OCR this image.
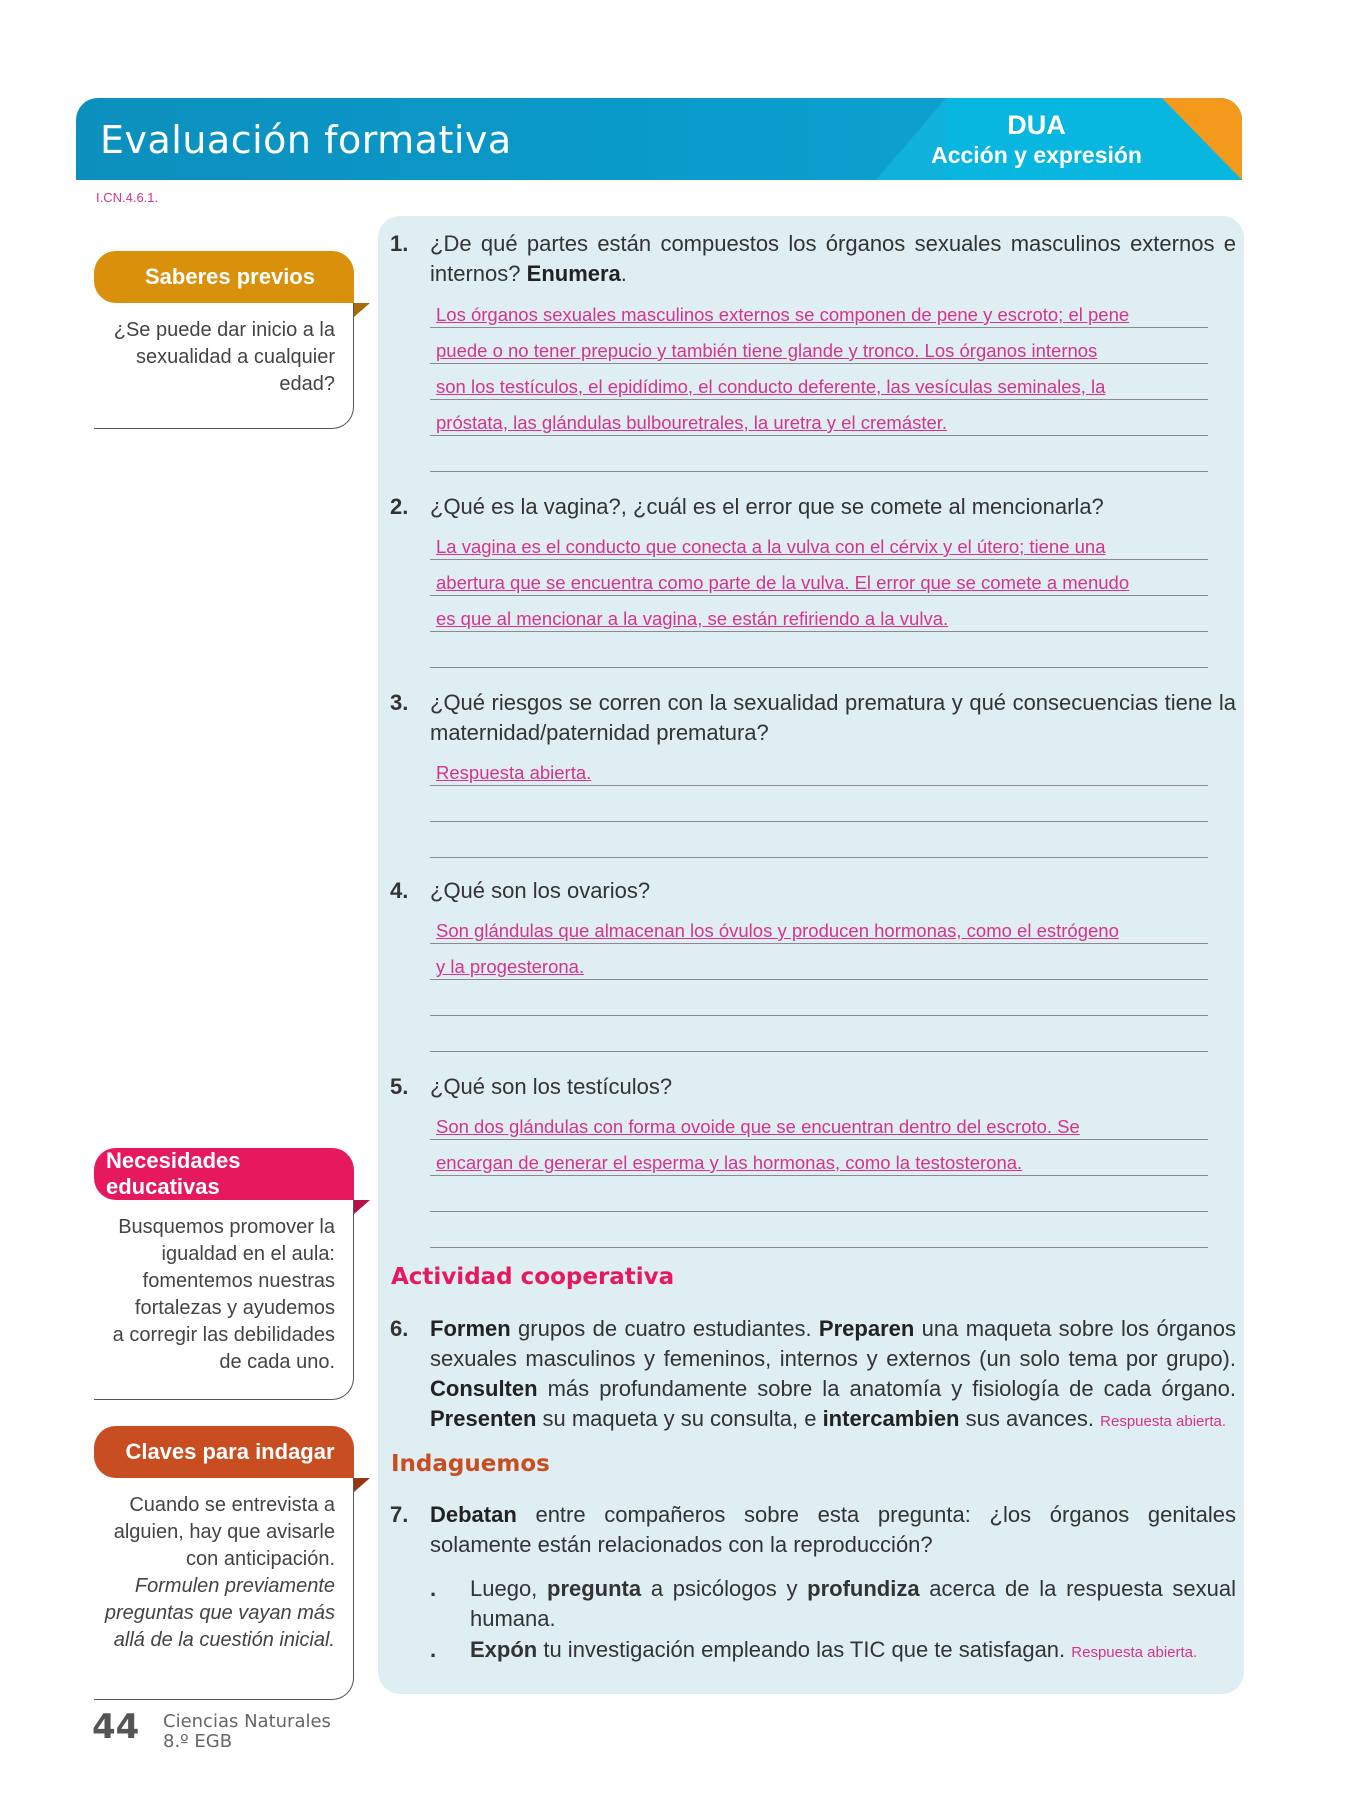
Evaluación formativa	DUA
Acción y expresión
I.CN.4.6.1.
Saberes previos
¿Se puede dar inicio a la
sexualidad a cualquier
edad?
Necesidades educativas
Busquemos promover la
igualdad en el aula:
fomentemos nuestras
fortalezas y ayudemos
a corregir las debilidades
de cada uno.
Claves para indagar
Cuando se entrevista a
alguien, hay que avisarle
con anticipación.
Formulen previamente
preguntas que vayan más
allá de la cuestión inicial.
1. ¿De qué partes están compuestos los órganos sexuales masculinos externos e internos? Enumera.
Los órganos sexuales masculinos externos se componen de pene y escroto; el pene
puede o no tener prepucio y también tiene glande y tronco. Los órganos internos
son los testículos, el epidídimo, el conducto deferente, las vesículas seminales, la
próstata, las glándulas bulbouretrales, la uretra y el cremáster.
2. ¿Qué es la vagina?, ¿cuál es el error que se comete al mencionarla?
La vagina es el conducto que conecta a la vulva con el cérvix y el útero; tiene una
abertura que se encuentra como parte de la vulva. El error que se comete a menudo
es que al mencionar a la vagina, se están refiriendo a la vulva.
3. ¿Qué riesgos se corren con la sexualidad prematura y qué consecuencias tiene la maternidad/paternidad prematura?
Respuesta abierta.
4. ¿Qué son los ovarios?
Son glándulas que almacenan los óvulos y producen hormonas, como el estrógeno
y la progesterona.
5. ¿Qué son los testículos?
Son dos glándulas con forma ovoide que se encuentran dentro del escroto. Se
encargan de generar el esperma y las hormonas, como la testosterona.
Actividad cooperativa
6. Formen grupos de cuatro estudiantes. Preparen una maqueta sobre los órganos sexuales masculinos y femeninos, internos y externos (un solo tema por grupo). Consulten más profundamente sobre la anatomía y fisiología de cada órgano. Presenten su maqueta y su consulta, e intercambien sus avances. Respuesta abierta.
Indaguemos
7. Debatan entre compañeros sobre esta pregunta: ¿los órganos genitales solamente están relacionados con la reproducción?
. Luego, pregunta a psicólogos y profundiza acerca de la respuesta sexual humana.
. Expón tu investigación empleando las TIC que te satisfagan. Respuesta abierta.
44 Ciencias Naturales
8.º EGB
